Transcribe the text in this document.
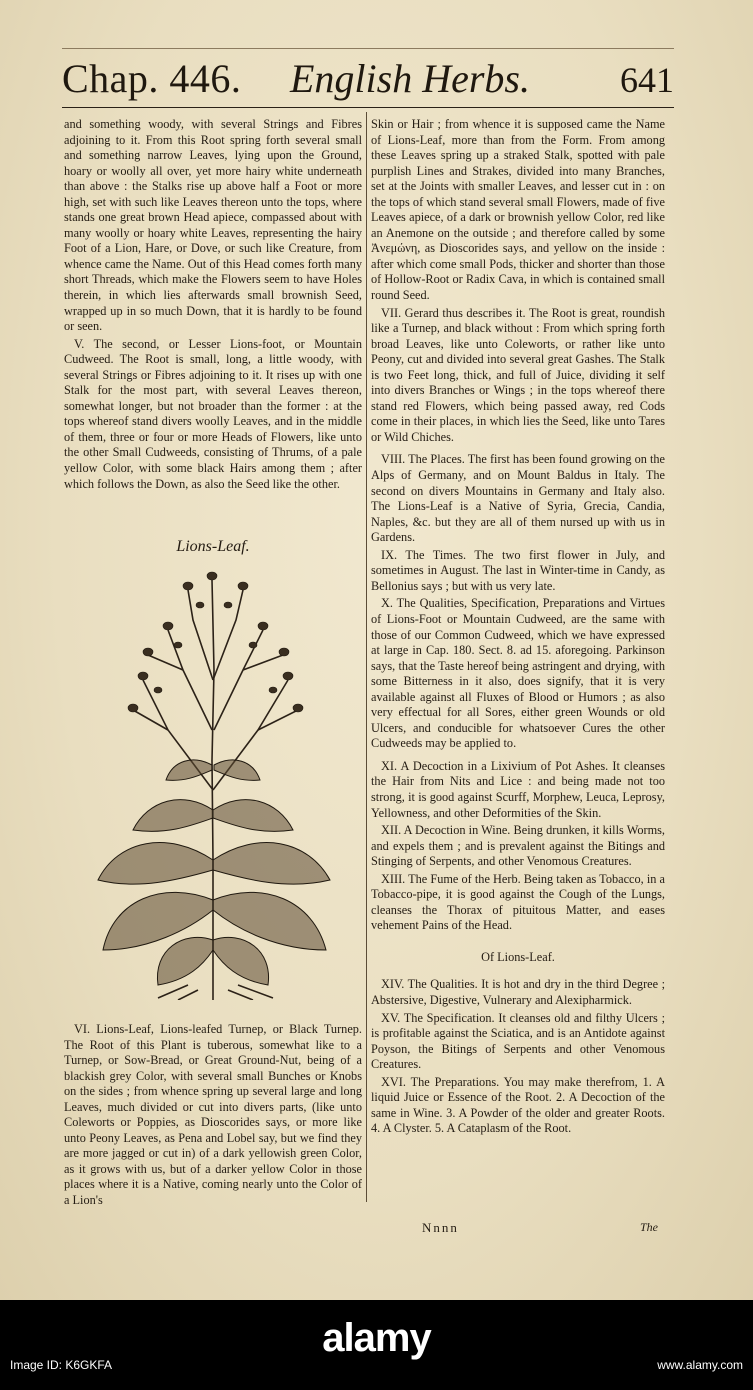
Chap. 446. English Herbs.	641

and something woody, with several Strings and Fibres adjoining to it. From this Root spring forth several small and something narrow Leaves, lying upon the Ground, hoary or woolly all over, yet more hairy white underneath than above : the Stalks rise up above half a Foot or more high, set with such like Leaves thereon unto the tops, where stands one great brown Head apiece, compassed about with many woolly or hoary white Leaves, representing the hairy Foot of a Lion, Hare, or Dove, or such like Creature, from whence came the Name. Out of this Head comes forth many short Threads, which make the Flowers seem to have Holes therein, in which lies afterwards small brownish Seed, wrapped up in so much Down, that it is hardly to be found or seen.

V. The second, or Lesser Lions-foot, or Mountain Cudweed. The Root is small, long, a little woody, with several Strings or Fibres adjoining to it. It rises up with one Stalk for the most part, with several Leaves thereon, somewhat longer, but not broader than the former : at the tops whereof stand divers woolly Leaves, and in the middle of them, three or four or more Heads of Flowers, like unto the other Small Cudweeds, consisting of Thrums, of a pale yellow Color, with some black Hairs among them ; after which follows the Down, as also the Seed like the other.

Lions-Leaf.

VI. Lions-Leaf, Lions-leafed Turnep, or Black Turnep. The Root of this Plant is tuberous, somewhat like to a Turnep, or Sow-Bread, or Great Ground-Nut, being of a blackish grey Color, with several small Bunches or Knobs on the sides ; from whence spring up several large and long Leaves, much divided or cut into divers parts, (like unto Coleworts or Poppies, as Dioscorides says, or more like unto Peony Leaves, as Pena and Lobel say, but we find they are more jagged or cut in) of a dark yellowish green Color, as it grows with us, but of a darker yellow Color in those places where it is a Native, coming nearly unto the Color of a Lion's

Skin or Hair ; from whence it is supposed came the Name of Lions-Leaf, more than from the Form. From among these Leaves spring up a straked Stalk, spotted with pale purplish Lines and Strakes, divided into many Branches, set at the Joints with smaller Leaves, and lesser cut in : on the tops of which stand several small Flowers, made of five Leaves apiece, of a dark or brownish yellow Color, red like an Anemone on the outside ; and therefore called by some Ἀνεμώνη, as Dioscorides says, and yellow on the inside : after which come small Pods, thicker and shorter than those of Hollow-Root or Radix Cava, in which is contained small round Seed.

VII. Gerard thus describes it. The Root is great, roundish like a Turnep, and black without : From which spring forth broad Leaves, like unto Coleworts, or rather like unto Peony, cut and divided into several great Gashes. The Stalk is two Feet long, thick, and full of Juice, dividing it self into divers Branches or Wings ; in the tops whereof there stand red Flowers, which being passed away, red Cods come in their places, in which lies the Seed, like unto Tares or Wild Chiches.

VIII. The Places. The first has been found growing on the Alps of Germany, and on Mount Baldus in Italy. The second on divers Mountains in Germany and Italy also. The Lions-Leaf is a Native of Syria, Grecia, Candia, Naples, &c. but they are all of them nursed up with us in Gardens.

IX. The Times. The two first flower in July, and sometimes in August. The last in Winter-time in Candy, as Bellonius says ; but with us very late.

X. The Qualities, Specification, Preparations and Virtues of Lions-Foot or Mountain Cudweed, are the same with those of our Common Cudweed, which we have expressed at large in Cap. 180. Sect. 8. ad 15. aforegoing. Parkinson says, that the Taste hereof being astringent and drying, with some Bitterness in it also, does signify, that it is very available against all Fluxes of Blood or Humors ; as also very effectual for all Sores, either green Wounds or old Ulcers, and conducible for whatsoever Cures the other Cudweeds may be applied to.

XI. A Decoction in a Lixivium of Pot Ashes. It cleanses the Hair from Nits and Lice : and being made not too strong, it is good against Scurff, Morphew, Leuca, Leprosy, Yellowness, and other Deformities of the Skin.

XII. A Decoction in Wine. Being drunken, it kills Worms, and expels them ; and is prevalent against the Bitings and Stinging of Serpents, and other Venomous Creatures.

XIII. The Fume of the Herb. Being taken as Tobacco, in a Tobacco-pipe, it is good against the Cough of the Lungs, cleanses the Thorax of pituitous Matter, and eases vehement Pains of the Head.

Of Lions-Leaf.

XIV. The Qualities. It is hot and dry in the third Degree ; Abstersive, Digestive, Vulnerary and Alexipharmick.

XV. The Specification. It cleanses old and filthy Ulcers ; is profitable against the Sciatica, and is an Antidote against Poyson, the Bitings of Serpents and other Venomous Creatures.

XVI. The Preparations. You may make therefrom, 1. A liquid Juice or Essence of the Root. 2. A Decoction of the same in Wine. 3. A Powder of the older and greater Roots. 4. A Clyster. 5. A Cataplasm of the Root.

Nnnn	The
alamy
Image ID: K6GKFA	www.alamy.com
